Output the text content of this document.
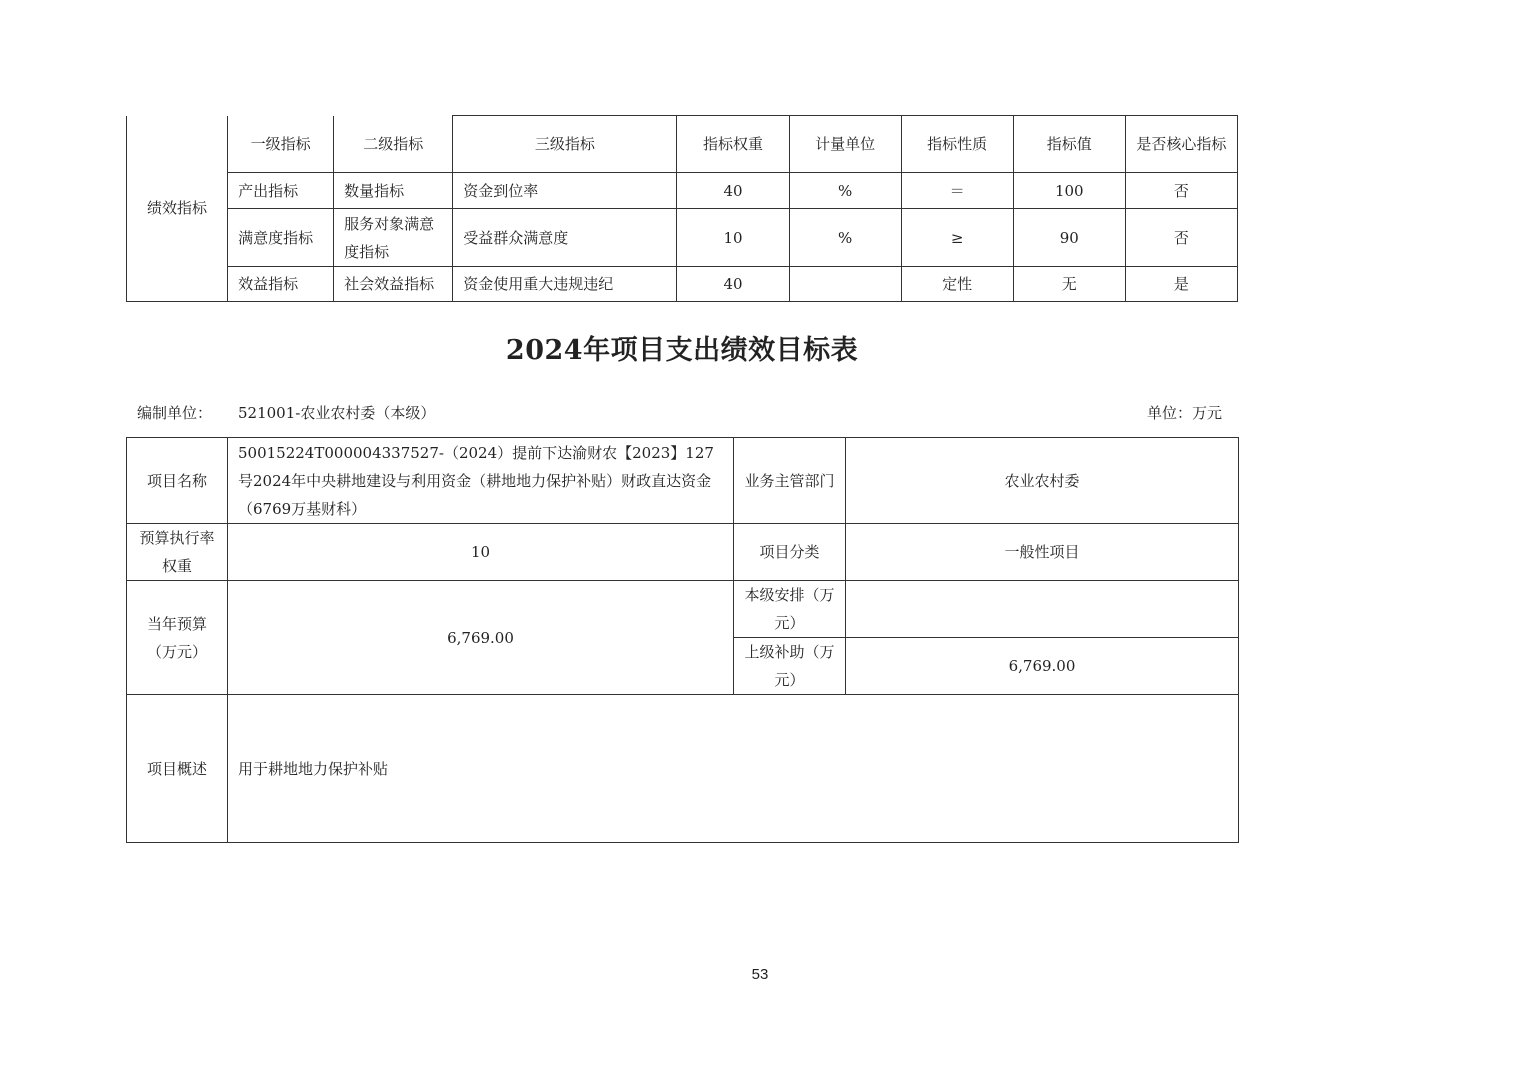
绩效指标	一级指标	二级指标	三级指标	指标权重	计量单位	指标性质	指标值	是否核心指标
	产出指标	数量指标	资金到位率	40	%	＝	100	否
	满意度指标	服务对象满意度指标	受益群众满意度	10	%	≥	90	否
	效益指标	社会效益指标	资金使用重大违规违纪	40		定性	无	是
2024年项目支出绩效目标表
编制单位： 521001-农业农村委（本级）	单位：万元
项目名称	50015224T000004337527-（2024）提前下达渝财农【2023】127号2024年中央耕地建设与利用资金（耕地地力保护补贴）财政直达资金（6769万基财科）	业务主管部门	农业农村委
预算执行率权重	10	项目分类	一般性项目
当年预算（万元）	6,769.00	本级安排（万元）	
		上级补助（万元）	6,769.00
项目概述	用于耕地地力保护补贴		
53
